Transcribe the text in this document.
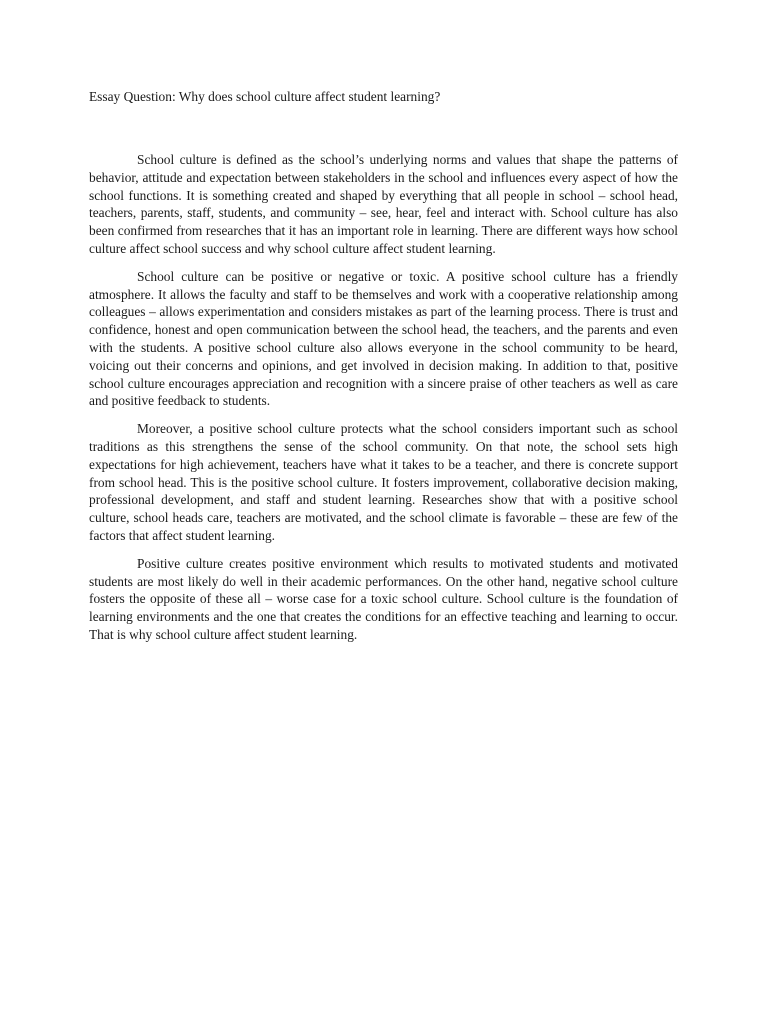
Essay Question: Why does school culture affect student learning?

School culture is defined as the school’s underlying norms and values that shape the patterns of behavior, attitude and expectation between stakeholders in the school and influences every aspect of how the school functions. It is something created and shaped by everything that all people in school – school head, teachers, parents, staff, students, and community – see, hear, feel and interact with. School culture has also been confirmed from researches that it has an important role in learning. There are different ways how school culture affect school success and why school culture affect student learning.

School culture can be positive or negative or toxic. A positive school culture has a friendly atmosphere. It allows the faculty and staff to be themselves and work with a cooperative relationship among colleagues – allows experimentation and considers mistakes as part of the learning process. There is trust and confidence, honest and open communication between the school head, the teachers, and the parents and even with the students. A positive school culture also allows everyone in the school community to be heard, voicing out their concerns and opinions, and get involved in decision making. In addition to that, positive school culture encourages appreciation and recognition with a sincere praise of other teachers as well as care and positive feedback to students.

Moreover, a positive school culture protects what the school considers important such as school traditions as this strengthens the sense of the school community. On that note, the school sets high expectations for high achievement, teachers have what it takes to be a teacher, and there is concrete support from school head. This is the positive school culture. It fosters improvement, collaborative decision making, professional development, and staff and student learning. Researches show that with a positive school culture, school heads care, teachers are motivated, and the school climate is favorable – these are few of the factors that affect student learning.

Positive culture creates positive environment which results to motivated students and motivated students are most likely do well in their academic performances. On the other hand, negative school culture fosters the opposite of these all – worse case for a toxic school culture. School culture is the foundation of learning environments and the one that creates the conditions for an effective teaching and learning to occur. That is why school culture affect student learning.
